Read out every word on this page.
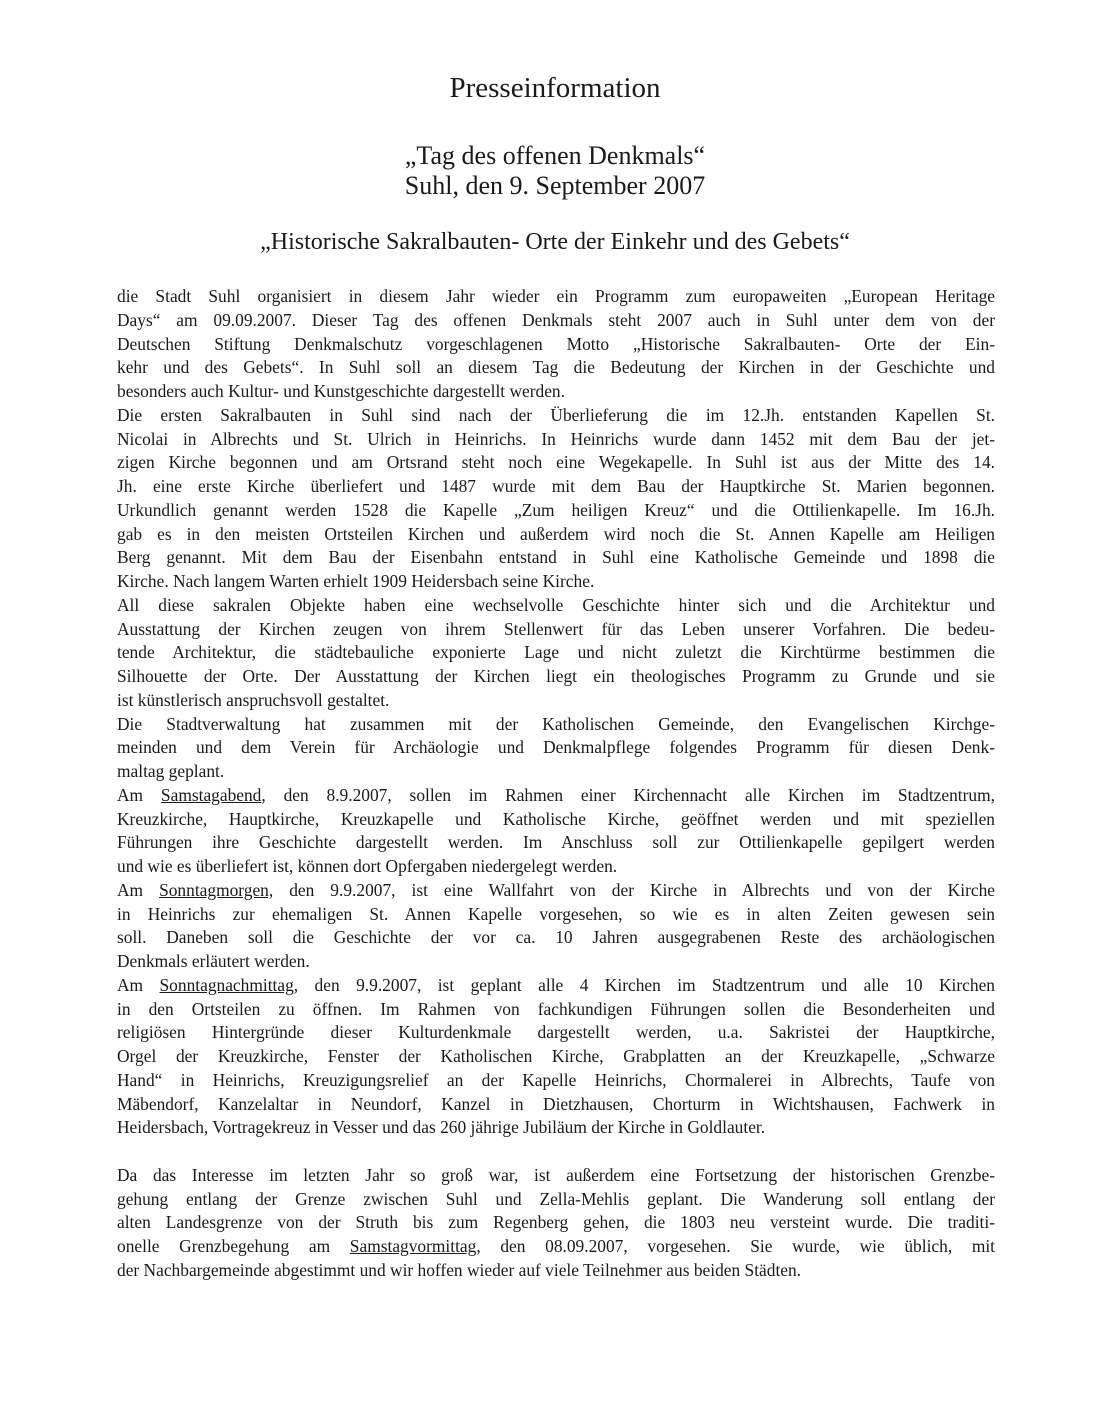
Presseinformation
„Tag des offenen Denkmals“
Suhl, den 9. September 2007
„Historische Sakralbauten- Orte der Einkehr und des Gebets“
die Stadt Suhl organisiert in diesem Jahr wieder ein Programm zum europaweiten „European Heritage
Days“ am 09.09.2007. Dieser Tag des offenen Denkmals steht 2007 auch in Suhl unter dem von der
Deutschen Stiftung Denkmalschutz vorgeschlagenen Motto „Historische Sakralbauten- Orte der Ein-
kehr und des Gebets“. In Suhl soll an diesem Tag die Bedeutung der Kirchen in der Geschichte und
besonders auch Kultur- und Kunstgeschichte dargestellt werden.
Die ersten Sakralbauten in Suhl sind nach der Überlieferung die im 12.Jh. entstanden Kapellen St.
Nicolai in Albrechts und St. Ulrich in Heinrichs. In Heinrichs wurde dann 1452 mit dem Bau der jet-
zigen Kirche begonnen und am Ortsrand steht noch eine Wegekapelle. In Suhl ist aus der Mitte des 14.
Jh. eine erste Kirche überliefert und 1487 wurde mit dem Bau der Hauptkirche St. Marien begonnen.
Urkundlich genannt werden 1528 die Kapelle „Zum heiligen Kreuz“ und die Ottilienkapelle. Im 16.Jh.
gab es in den meisten Ortsteilen Kirchen und außerdem wird noch die St. Annen Kapelle am Heiligen
Berg genannt. Mit dem Bau der Eisenbahn entstand in Suhl eine Katholische Gemeinde und 1898 die
Kirche. Nach langem Warten erhielt 1909 Heidersbach seine Kirche.
All diese sakralen Objekte haben eine wechselvolle Geschichte hinter sich und die Architektur und
Ausstattung der Kirchen zeugen von ihrem Stellenwert für das Leben unserer Vorfahren. Die bedeu-
tende Architektur, die städtebauliche exponierte Lage und nicht zuletzt die Kirchtürme bestimmen die
Silhouette der Orte. Der Ausstattung der Kirchen liegt ein theologisches Programm zu Grunde und sie
ist künstlerisch anspruchsvoll gestaltet.
Die Stadtverwaltung hat zusammen mit der Katholischen Gemeinde, den Evangelischen Kirchge-
meinden und dem Verein für Archäologie und Denkmalpflege folgendes Programm für diesen Denk-
maltag geplant.
Am Samstagabend, den 8.9.2007, sollen im Rahmen einer Kirchennacht alle Kirchen im Stadtzentrum,
Kreuzkirche, Hauptkirche, Kreuzkapelle und Katholische Kirche, geöffnet werden und mit speziellen
Führungen ihre Geschichte dargestellt werden. Im Anschluss soll zur Ottilienkapelle gepilgert werden
und wie es überliefert ist, können dort Opfergaben niedergelegt werden.
Am Sonntagmorgen, den 9.9.2007, ist eine Wallfahrt von der Kirche in Albrechts und von der Kirche
in Heinrichs zur ehemaligen St. Annen Kapelle vorgesehen, so wie es in alten Zeiten gewesen sein
soll. Daneben soll die Geschichte der vor ca. 10 Jahren ausgegrabenen Reste des archäologischen
Denkmals erläutert werden.
Am Sonntagnachmittag, den 9.9.2007, ist geplant alle 4 Kirchen im Stadtzentrum und alle 10 Kirchen
in den Ortsteilen zu öffnen. Im Rahmen von fachkundigen Führungen sollen die Besonderheiten und
religiösen Hintergründe dieser Kulturdenkmale dargestellt werden, u.a. Sakristei der Hauptkirche,
Orgel der Kreuzkirche, Fenster der Katholischen Kirche, Grabplatten an der Kreuzkapelle, „Schwarze
Hand“ in Heinrichs, Kreuzigungsrelief an der Kapelle Heinrichs, Chormalerei in Albrechts, Taufe von
Mäbendorf, Kanzelaltar in Neundorf, Kanzel in Dietzhausen, Chorturm in Wichtshausen, Fachwerk in
Heidersbach, Vortragekreuz in Vesser und das 260 jährige Jubiläum der Kirche in Goldlauter.
Da das Interesse im letzten Jahr so groß war, ist außerdem eine Fortsetzung der historischen Grenzbe-
gehung entlang der Grenze zwischen Suhl und Zella-Mehlis geplant. Die Wanderung soll entlang der
alten Landesgrenze von der Struth bis zum Regenberg gehen, die 1803 neu versteint wurde. Die traditi-
onelle Grenzbegehung am Samstagvormittag, den 08.09.2007, vorgesehen. Sie wurde, wie üblich, mit
der Nachbargemeinde abgestimmt und wir hoffen wieder auf viele Teilnehmer aus beiden Städten.
